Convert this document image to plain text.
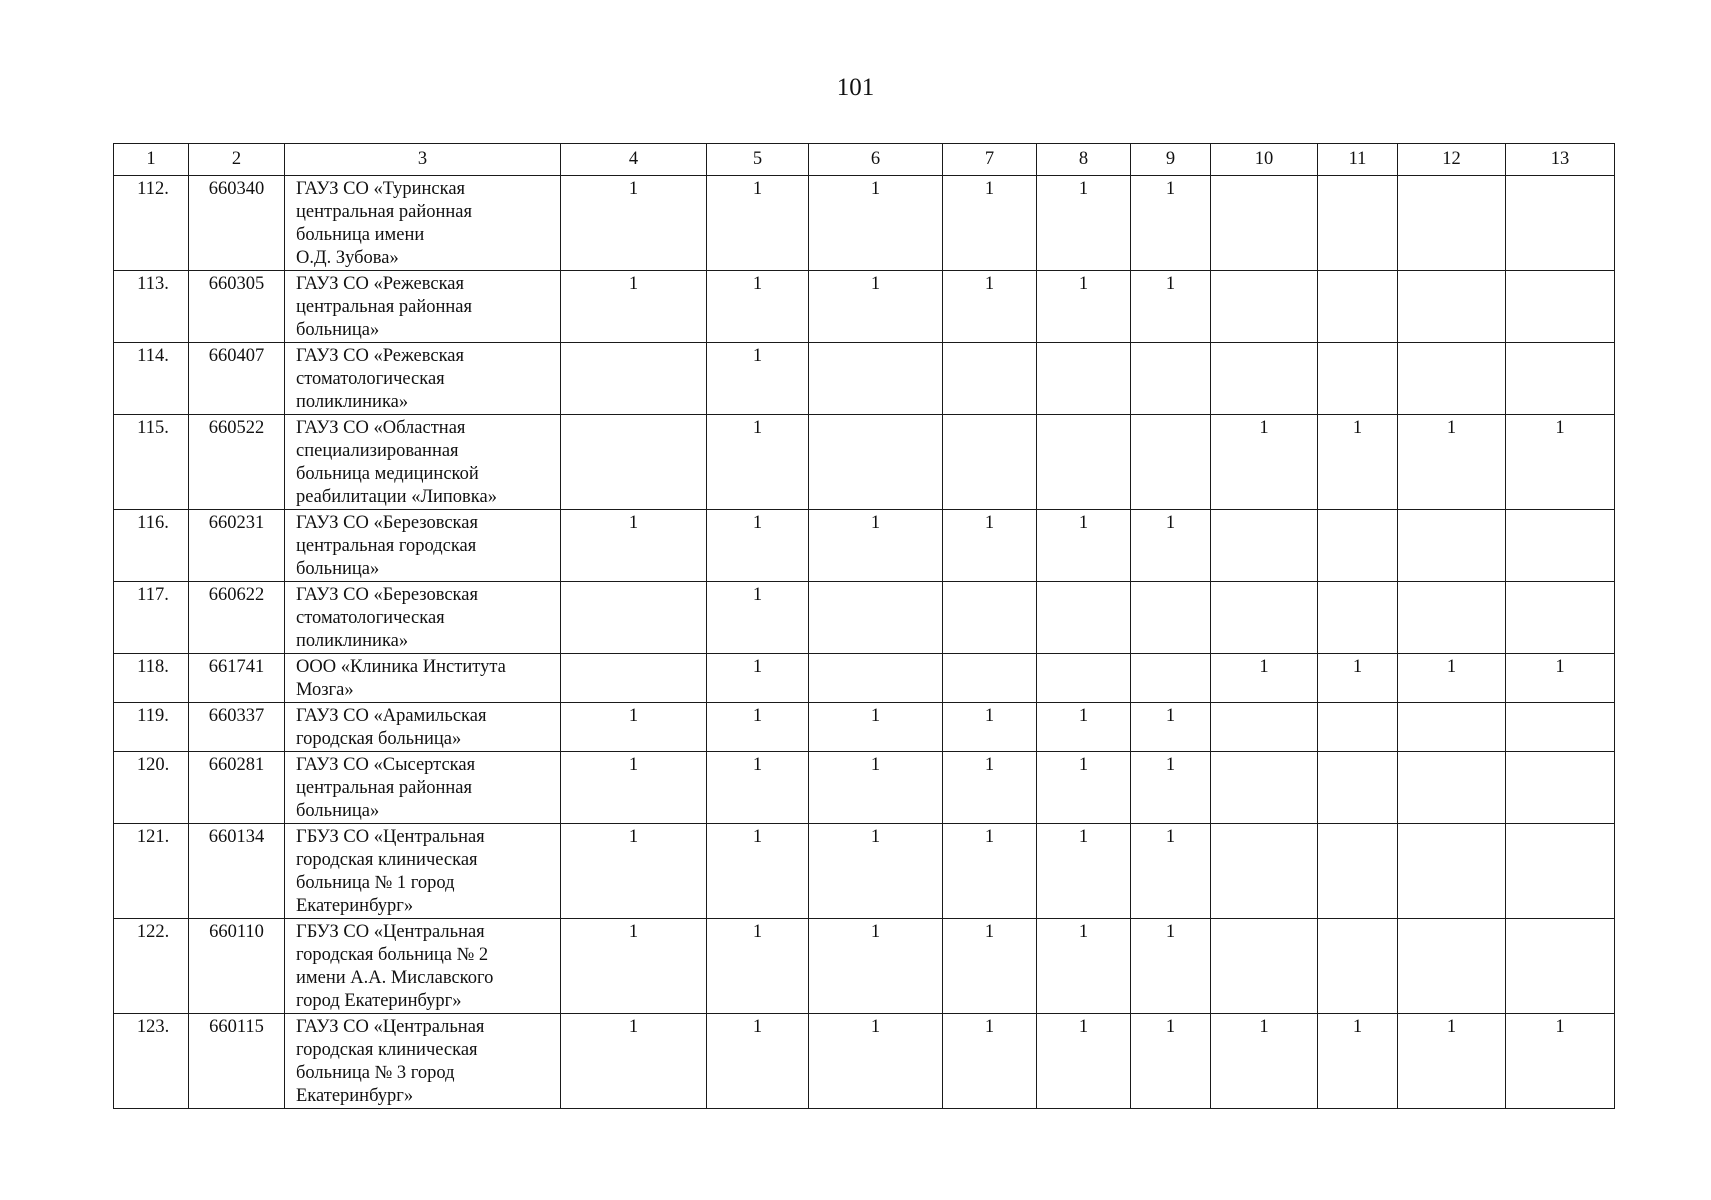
101
1	2	3	4	5	6	7	8	9	10	11	12	13
112.	660340	ГАУЗ СО «Туринская
центральная районная
больница имени
О.Д. Зубова»	1	1	1	1	1	1				
113.	660305	ГАУЗ СО «Режевская
центральная районная
больница»	1	1	1	1	1	1				
114.	660407	ГАУЗ СО «Режевская
стоматологическая
поликлиника»		1								
115.	660522	ГАУЗ СО «Областная
специализированная
больница медицинской
реабилитации «Липовка»		1					1	1	1	1
116.	660231	ГАУЗ СО «Березовская
центральная городская
больница»	1	1	1	1	1	1				
117.	660622	ГАУЗ СО «Березовская
стоматологическая
поликлиника»		1								
118.	661741	ООО «Клиника Института
Мозга»		1					1	1	1	1
119.	660337	ГАУЗ СО «Арамильская
городская больница»	1	1	1	1	1	1				
120.	660281	ГАУЗ СО «Сысертская
центральная районная
больница»	1	1	1	1	1	1				
121.	660134	ГБУЗ СО «Центральная
городская клиническая
больница № 1 город
Екатеринбург»	1	1	1	1	1	1				
122.	660110	ГБУЗ СО «Центральная
городская больница № 2
имени А.А. Миславского
город Екатеринбург»	1	1	1	1	1	1				
123.	660115	ГАУЗ СО «Центральная
городская клиническая
больница № 3 город
Екатеринбург»	1	1	1	1	1	1	1	1	1	1
